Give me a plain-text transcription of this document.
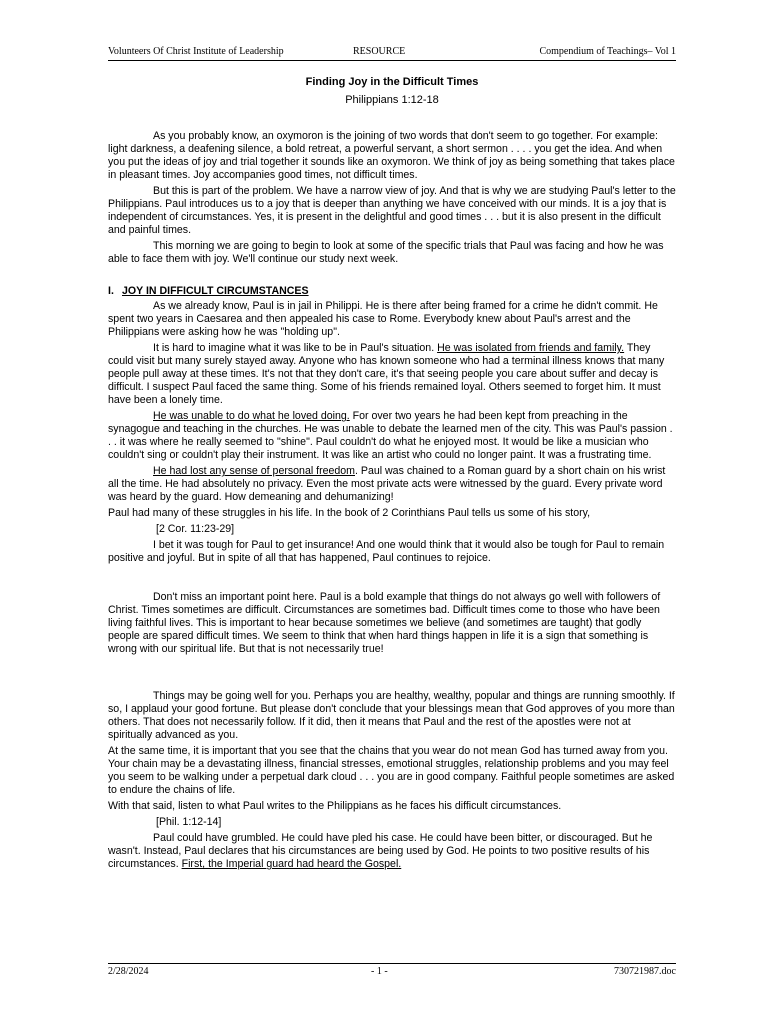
Volunteers Of Christ Institute of Leadership	RESOURCE	Compendium of Teachings– Vol 1

Finding Joy in the Difficult Times

Philippians 1:12-18

As you probably know, an oxymoron is the joining of two words that don't seem to go together. For example: light darkness, a deafening silence, a bold retreat, a powerful servant, a short sermon . . . . you get the idea. And when you put the ideas of joy and trial together it sounds like an oxymoron. We think of joy as being something that takes place in pleasant times. Joy accompanies good times, not difficult times.

But this is part of the problem. We have a narrow view of joy. And that is why we are studying Paul's letter to the Philippians. Paul introduces us to a joy that is deeper than anything we have conceived with our minds. It is a joy that is independent of circumstances. Yes, it is present in the delightful and good times . . . but it is also present in the difficult and painful times.

This morning we are going to begin to look at some of the specific trials that Paul was facing and how he was able to face them with joy. We'll continue our study next week.

I. JOY IN DIFFICULT CIRCUMSTANCES

As we already know, Paul is in jail in Philippi. He is there after being framed for a crime he didn't commit. He spent two years in Caesarea and then appealed his case to Rome. Everybody knew about Paul's arrest and the Philippians were asking how he was "holding up".

It is hard to imagine what it was like to be in Paul's situation. He was isolated from friends and family. They could visit but many surely stayed away. Anyone who has known someone who had a terminal illness knows that many people pull away at these times. It's not that they don't care, it's that seeing people you care about suffer and decay is difficult. I suspect Paul faced the same thing. Some of his friends remained loyal. Others seemed to forget him. It must have been a lonely time.

He was unable to do what he loved doing. For over two years he had been kept from preaching in the synagogue and teaching in the churches. He was unable to debate the learned men of the city. This was Paul's passion . . . it was where he really seemed to "shine". Paul couldn't do what he enjoyed most. It would be like a musician who couldn't sing or couldn't play their instrument. It was like an artist who could no longer paint. It was a frustrating time.

He had lost any sense of personal freedom. Paul was chained to a Roman guard by a short chain on his wrist all the time. He had absolutely no privacy. Even the most private acts were witnessed by the guard. Every private word was heard by the guard. How demeaning and dehumanizing!

Paul had many of these struggles in his life. In the book of 2 Corinthians Paul tells us some of his story,

[2 Cor. 11:23-29]

I bet it was tough for Paul to get insurance! And one would think that it would also be tough for Paul to remain positive and joyful. But in spite of all that has happened, Paul continues to rejoice.

Don't miss an important point here. Paul is a bold example that things do not always go well with followers of Christ. Times sometimes are difficult. Circumstances are sometimes bad. Difficult times come to those who have been living faithful lives. This is important to hear because sometimes we believe (and sometimes are taught) that godly people are spared difficult times. We seem to think that when hard things happen in life it is a sign that something is wrong with our spiritual life. But that is not necessarily true!

Things may be going well for you. Perhaps you are healthy, wealthy, popular and things are running smoothly. If so, I applaud your good fortune. But please don't conclude that your blessings mean that God approves of you more than others. That does not necessarily follow. If it did, then it means that Paul and the rest of the apostles were not at spiritually advanced as you.

At the same time, it is important that you see that the chains that you wear do not mean God has turned away from you. Your chain may be a devastating illness, financial stresses, emotional struggles, relationship problems and you may feel you seem to be walking under a perpetual dark cloud . . . you are in good company. Faithful people sometimes are asked to endure the chains of life.

With that said, listen to what Paul writes to the Philippians as he faces his difficult circumstances.

[Phil. 1:12-14]

Paul could have grumbled. He could have pled his case. He could have been bitter, or discouraged. But he wasn't. Instead, Paul declares that his circumstances are being used by God. He points to two positive results of his circumstances. First, the Imperial guard had heard the Gospel.

2/28/2024	- 1 -	730721987.doc
